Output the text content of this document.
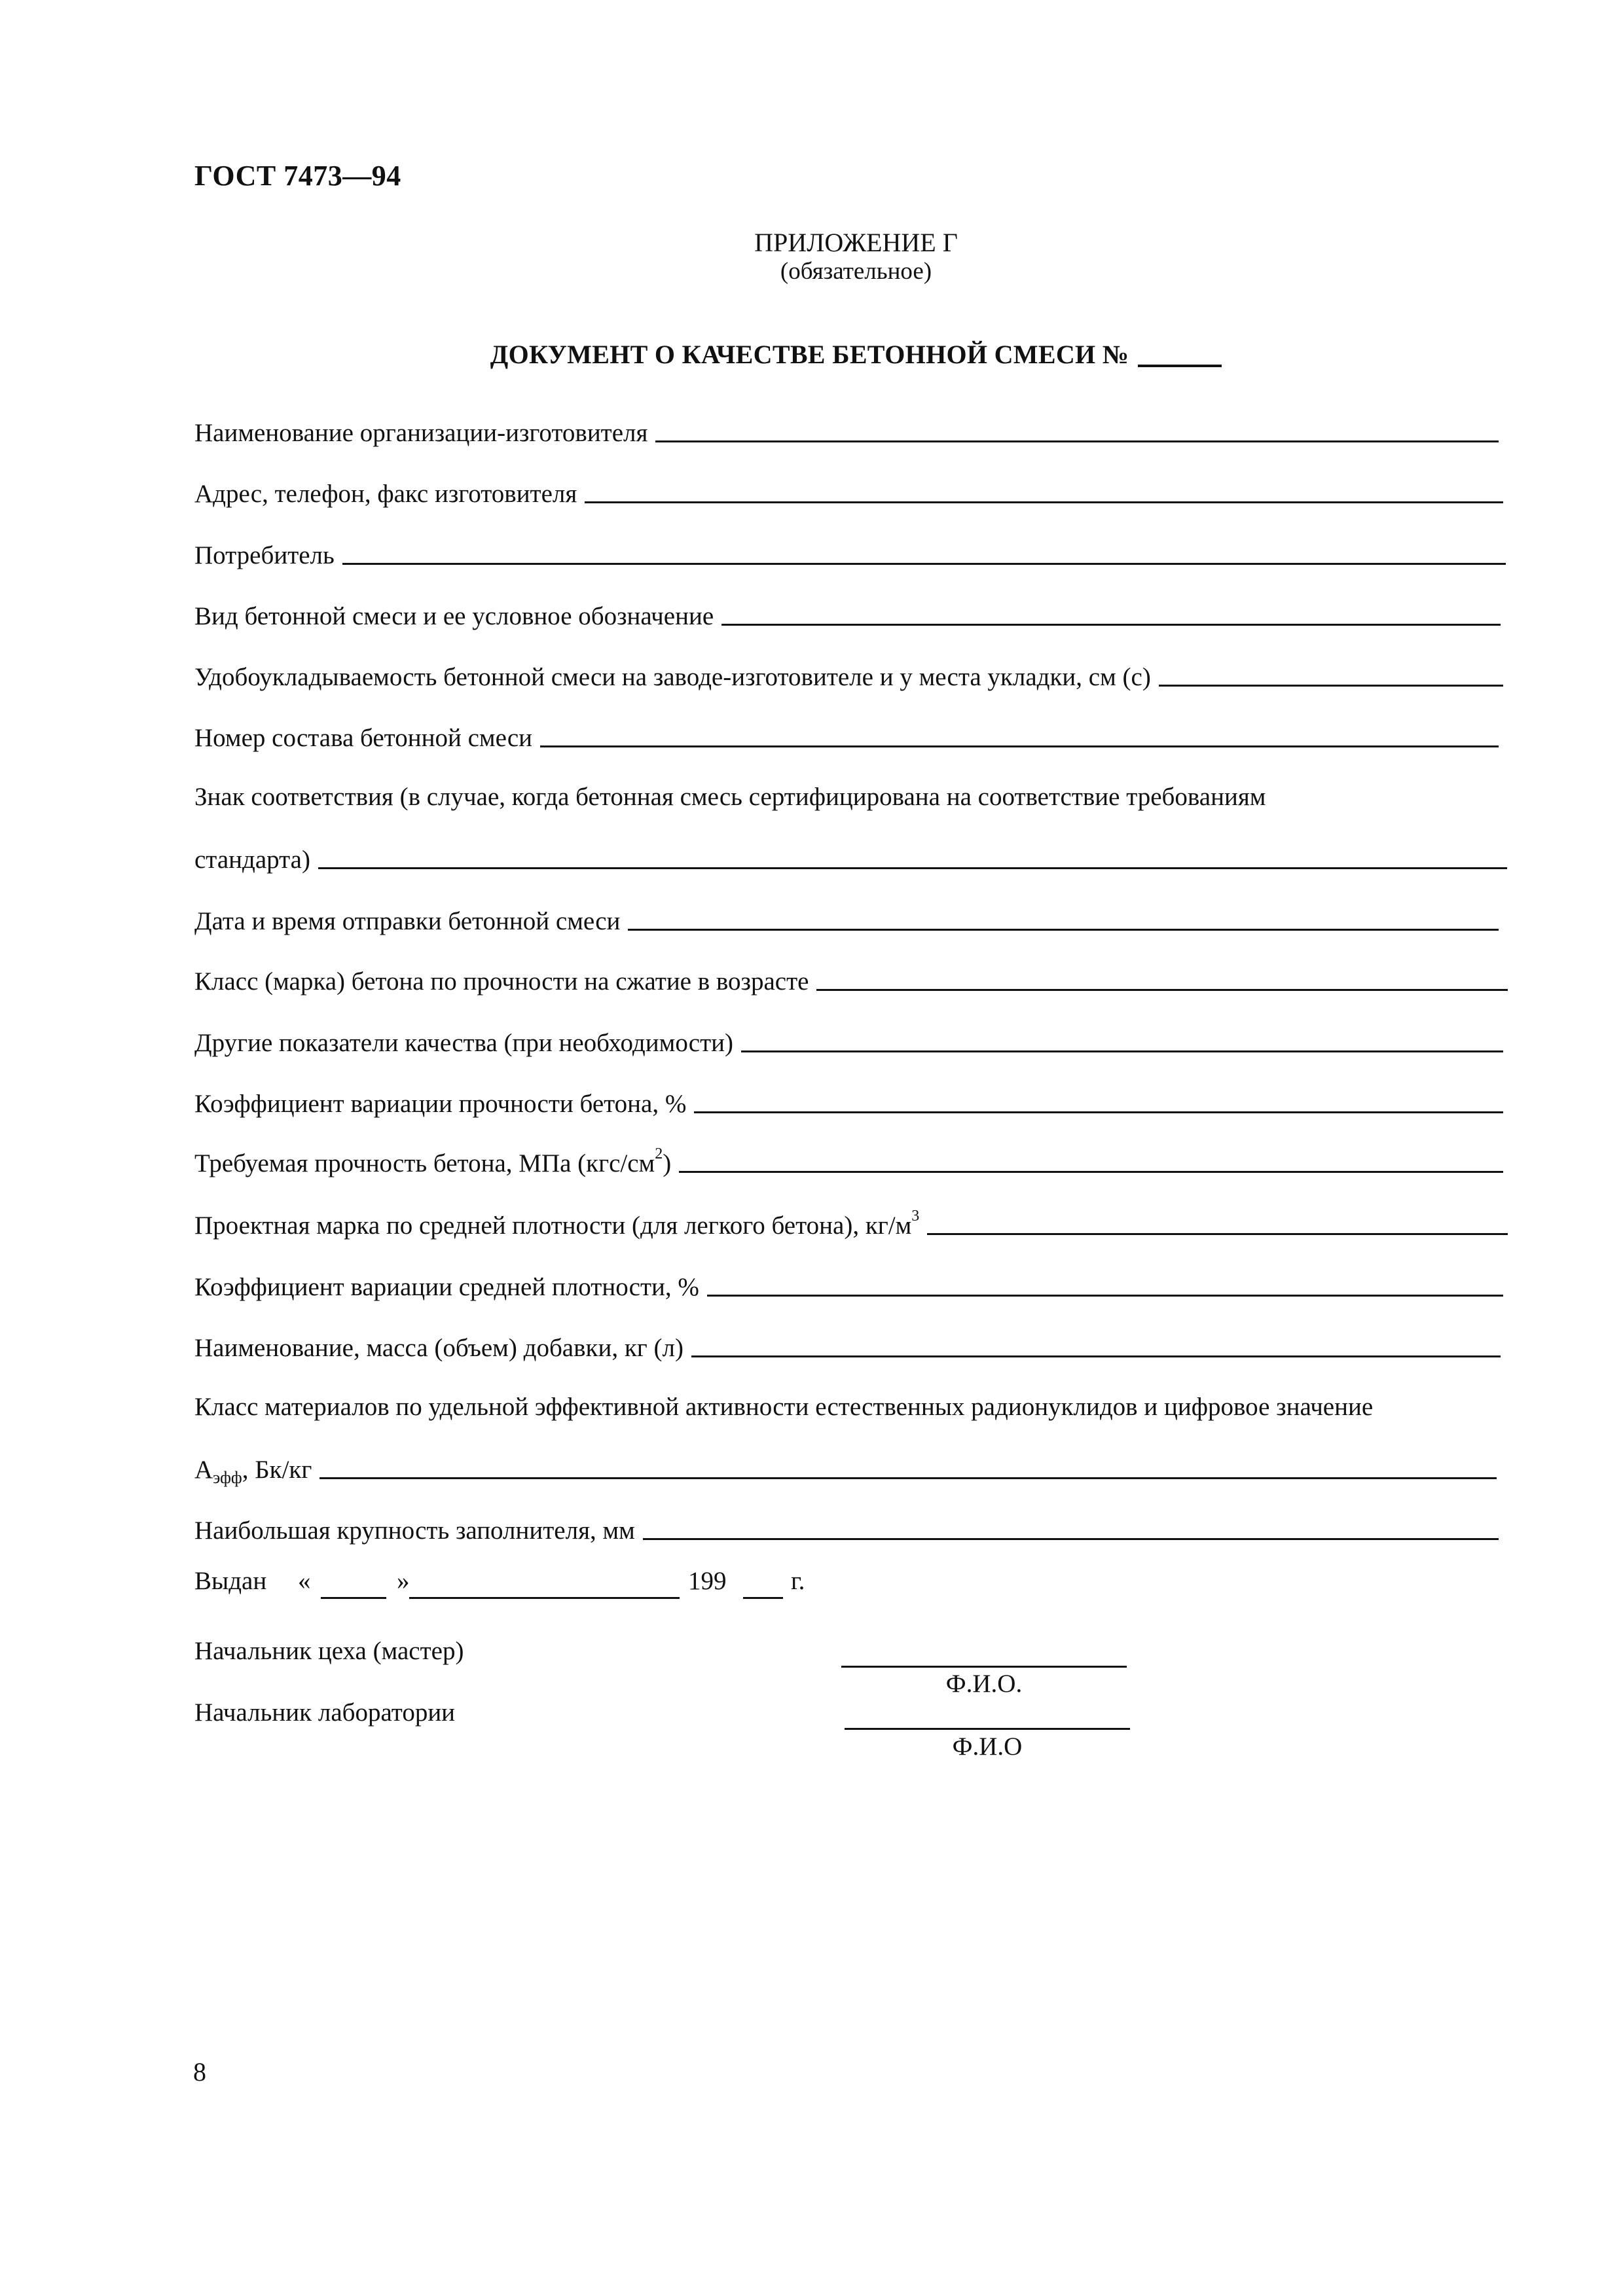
ГОСТ 7473—94
ПРИЛОЖЕНИЕ Г
(обязательное)
ДОКУМЕНТ О КАЧЕСТВЕ БЕТОННОЙ СМЕСИ №
Наименование организации-изготовителя
Адрес, телефон, факс изготовителя
Потребитель
Вид бетонной смеси и ее условное обозначение
Удобоукладываемость бетонной смеси на заводе-изготовителе и у места укладки, см (с)
Номер состава бетонной смеси
Знак соответствия (в случае, когда бетонная смесь сертифицирована на соответствие требованиям
стандарта)
Дата и время отправки бетонной смеси
Класс (марка) бетона по прочности на сжатие в возрасте
Другие показатели качества (при необходимости)
Коэффициент вариации прочности бетона, %
Требуемая прочность бетона, МПа $(кгс/см^2)$
Проектная марка по средней плотности (для легкого бетона), $кг/м^3$
Коэффициент вариации средней плотности, %
Наименование, масса (объем) добавки, кг (л)
Класс материалов по удельной эффективной активности естественных радионуклидов и цифровое значение
$А_{эфф}$, Бк/кг
Наибольшая крупность заполнителя, мм
Выдан «	»	199	г.
Начальник цеха (мастер)
Ф.И.О.
Начальник лаборатории
Ф.И.О
8
